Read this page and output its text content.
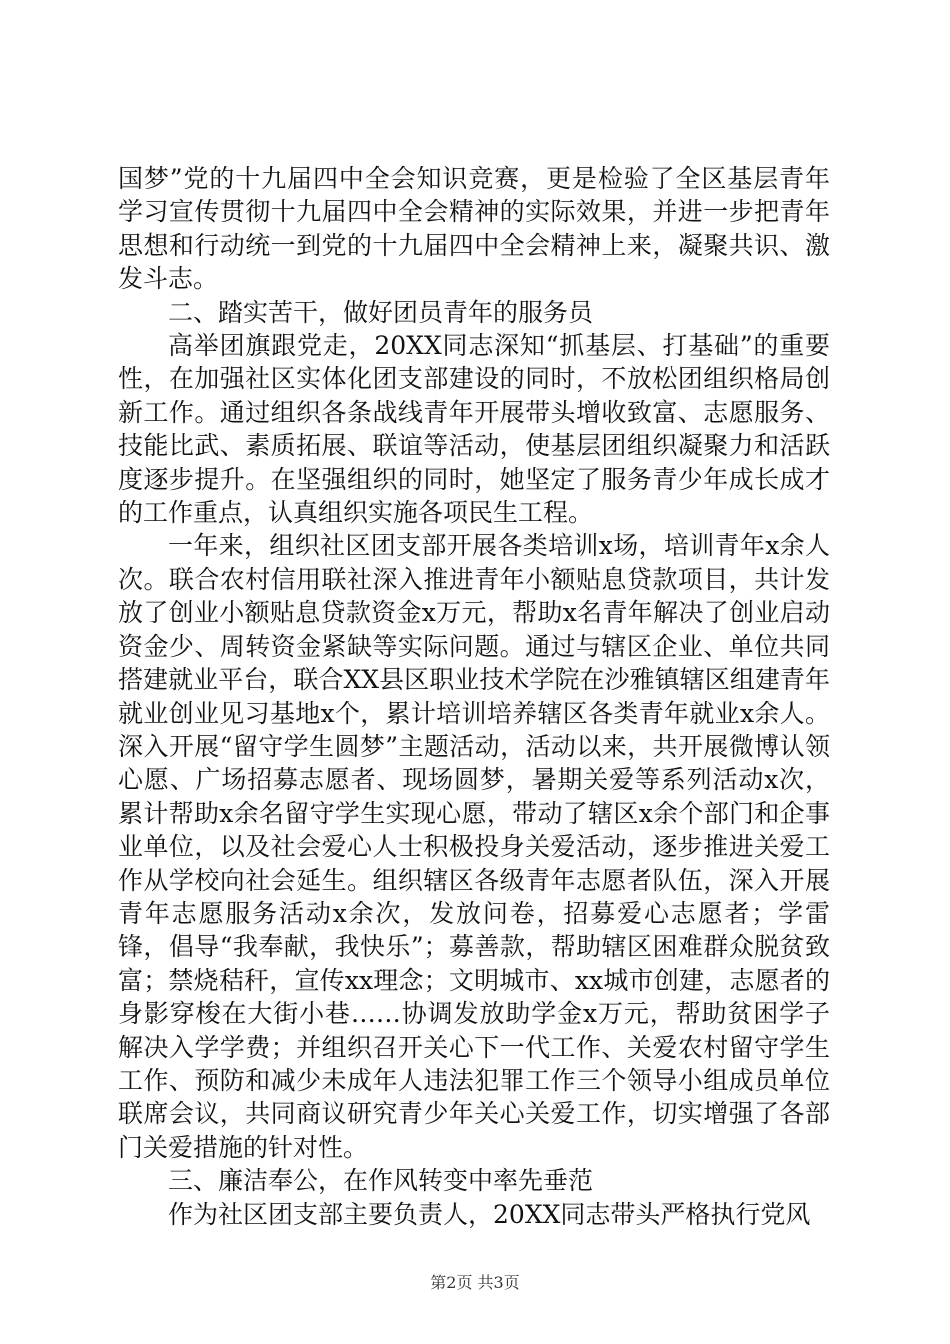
国梦”党的十九届四中全会知识竞赛，更是检验了全区基层青年学习宣传贯彻十九届四中全会精神的实际效果，并进一步把青年思想和行动统一到党的十九届四中全会精神上来，凝聚共识、激发斗志。

二、踏实苦干，做好团员青年的服务员

高举团旗跟党走，20XX同志深知“抓基层、打基础”的重要性，在加强社区实体化团支部建设的同时，不放松团组织格局创新工作。通过组织各条战线青年开展带头增收致富、志愿服务、技能比武、素质拓展、联谊等活动，使基层团组织凝聚力和活跃度逐步提升。在坚强组织的同时，她坚定了服务青少年成长成才的工作重点，认真组织实施各项民生工程。

一年来，组织社区团支部开展各类培训x场，培训青年x余人次。联合农村信用联社深入推进青年小额贴息贷款项目，共计发放了创业小额贴息贷款资金x万元，帮助x名青年解决了创业启动资金少、周转资金紧缺等实际问题。通过与辖区企业、单位共同搭建就业平台，联合XX县区职业技术学院在沙雅镇辖区组建青年就业创业见习基地x个，累计培训培养辖区各类青年就业x余人。深入开展“留守学生圆梦”主题活动，活动以来，共开展微博认领心愿、广场招募志愿者、现场圆梦，暑期关爱等系列活动x次，累计帮助x余名留守学生实现心愿，带动了辖区x余个部门和企事业单位，以及社会爱心人士积极投身关爱活动，逐步推进关爱工作从学校向社会延生。组织辖区各级青年志愿者队伍，深入开展青年志愿服务活动x余次，发放问卷，招募爱心志愿者；学雷锋，倡导“我奉献，我快乐”；募善款，帮助辖区困难群众脱贫致富；禁烧秸秆，宣传xx理念；文明城市、xx城市创建，志愿者的身影穿梭在大街小巷……协调发放助学金x万元，帮助贫困学子解决入学学费；并组织召开关心下一代工作、关爱农村留守学生工作、预防和减少未成年人违法犯罪工作三个领导小组成员单位联席会议，共同商议研究青少年关心关爱工作，切实增强了各部门关爱措施的针对性。

三、廉洁奉公，在作风转变中率先垂范

作为社区团支部主要负责人，20XX同志带头严格执行党风

第2页 共3页
